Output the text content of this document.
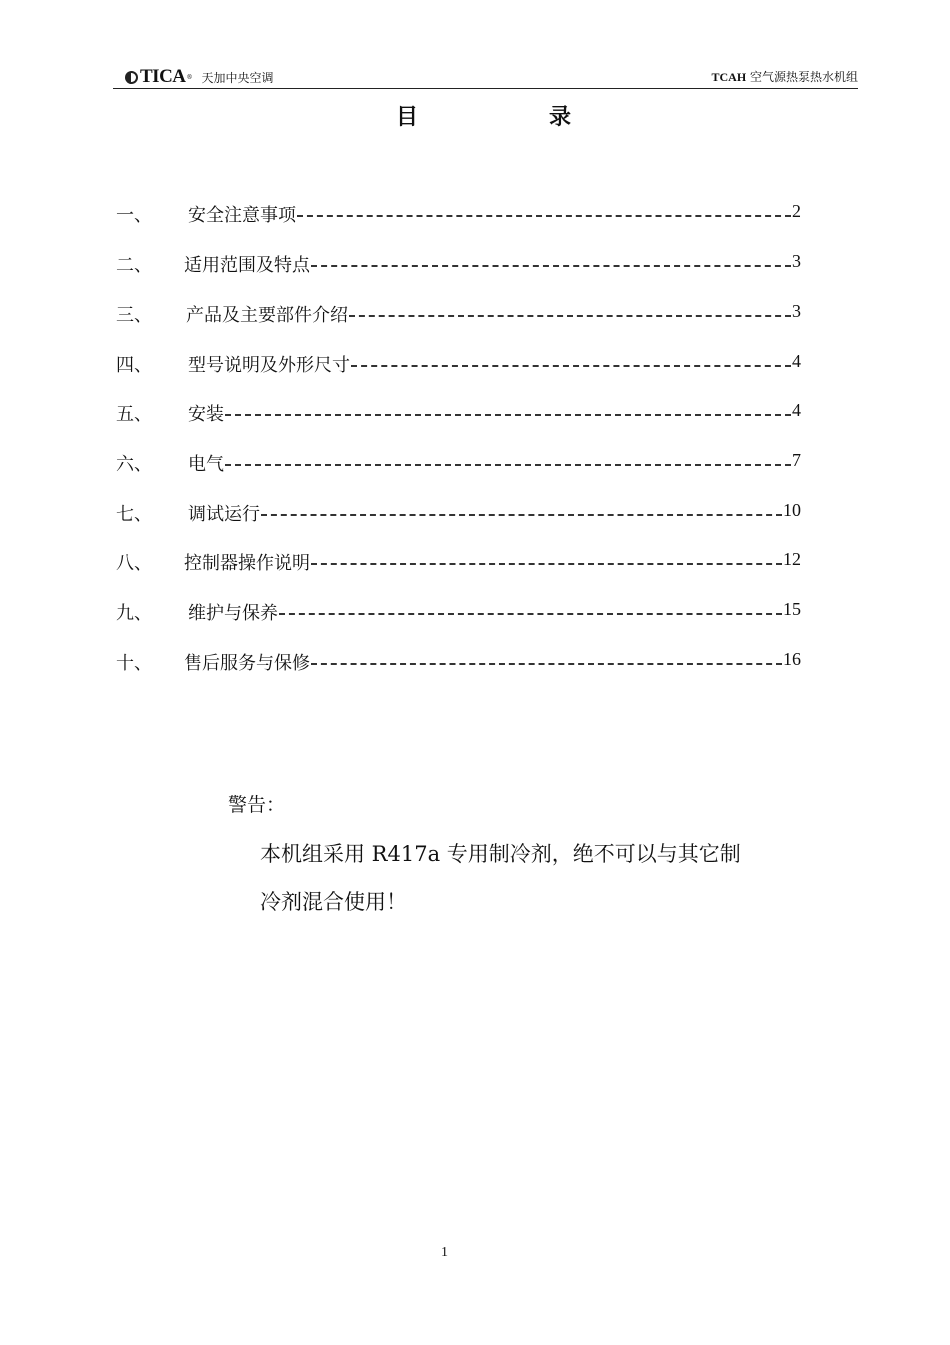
TICA ® 天加中央空调	TCAH 空气源热泵热水机组
目	录
一、 安全注意事项	2
二、 适用范围及特点	3
三、 产品及主要部件介绍	3
四、 型号说明及外形尺寸	4
五、 安装	4
六、 电气	7
七、 调试运行	10
八、 控制器操作说明	12
九、 维护与保养	15
十、 售后服务与保修	16
警告：
本机组采用 R417a 专用制冷剂，绝不可以与其它制
冷剂混合使用！
1
